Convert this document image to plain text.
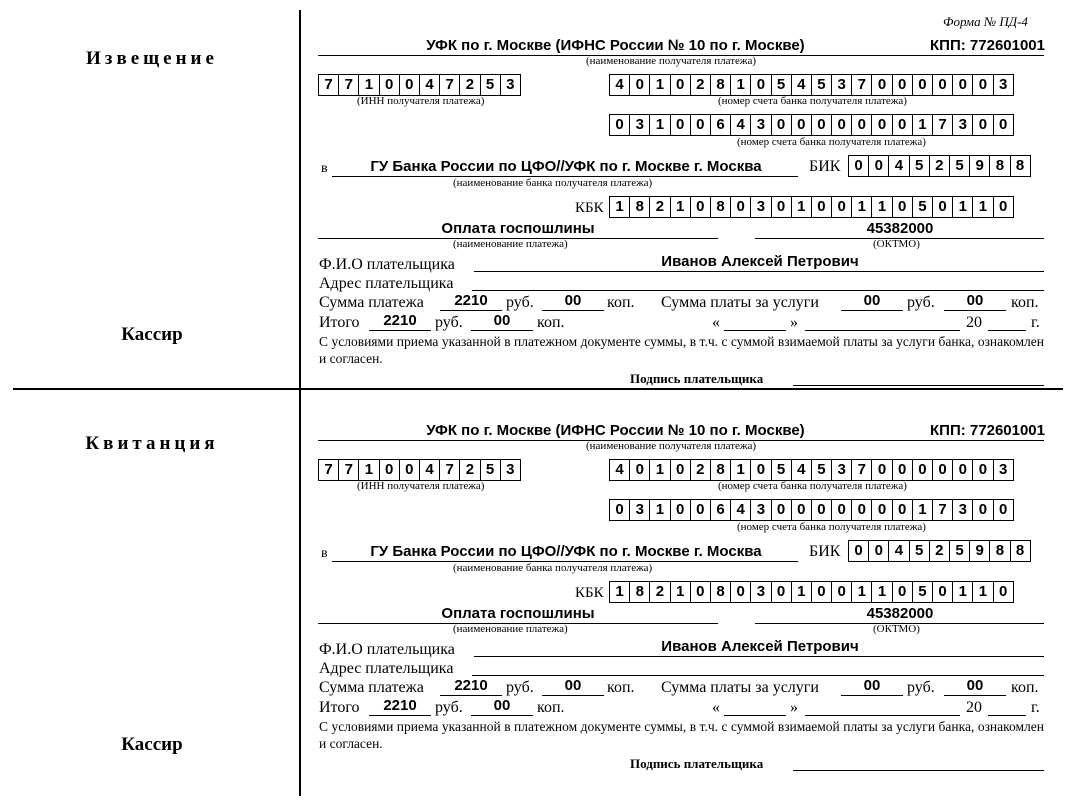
Форма № ПД-4
Извещение
Кассир
Квитанция
Кассир
УФК по г. Москве (ИФНС России № 10 по г. Москве)	КПП: 772601001
(наименование получателя платежа)
7 7 1 0 0 4 7 2 5 3
(ИНН получателя платежа)
4 0 1 0 2 8 1 0 5 4 5 3 7 0 0 0 0 0 0 3
(номер счета банка получателя платежа)
0 3 1 0 0 6 4 3 0 0 0 0 0 0 0 1 7 3 0 0
(номер счета банка получателя платежа)
в	ГУ Банка России по ЦФО//УФК по г. Москве г. Москва
(наименование банка получателя платежа)
БИК 0 0 4 5 2 5 9 8 8
КБК 1 8 2 1 0 8 0 3 0 1 0 0 1 1 0 5 0 1 1 0
Оплата госпошлины
(наименование платежа)
45382000
(ОКТМО)
Ф.И.О плательщика	Иванов Алексей Петрович
Адрес плательщика
Сумма платежа	2210	руб.	00	коп. Сумма платы за услуги	00	руб.	00	коп.
Итого	2210	руб.	00	коп.	«	»	20	г.
С условиями приема указанной в платежном документе суммы, в т.ч. с суммой взимаемой платы за услуги банка, ознакомлен и согласен.
Подпись плательщика
УФК по г. Москве (ИФНС России № 10 по г. Москве)	КПП: 772601001
(наименование получателя платежа)
7 7 1 0 0 4 7 2 5 3
(ИНН получателя платежа)
4 0 1 0 2 8 1 0 5 4 5 3 7 0 0 0 0 0 0 3
(номер счета банка получателя платежа)
0 3 1 0 0 6 4 3 0 0 0 0 0 0 0 1 7 3 0 0
(номер счета банка получателя платежа)
в	ГУ Банка России по ЦФО//УФК по г. Москве г. Москва
(наименование банка получателя платежа)
БИК 0 0 4 5 2 5 9 8 8
КБК 1 8 2 1 0 8 0 3 0 1 0 0 1 1 0 5 0 1 1 0
Оплата госпошлины
(наименование платежа)
45382000
(ОКТМО)
Ф.И.О плательщика	Иванов Алексей Петрович
Адрес плательщика
Сумма платежа	2210	руб.	00	коп. Сумма платы за услуги	00	руб.	00	коп.
Итого	2210	руб.	00	коп.	«	»	20	г.
С условиями приема указанной в платежном документе суммы, в т.ч. с суммой взимаемой платы за услуги банка, ознакомлен и согласен.
Подпись плательщика
